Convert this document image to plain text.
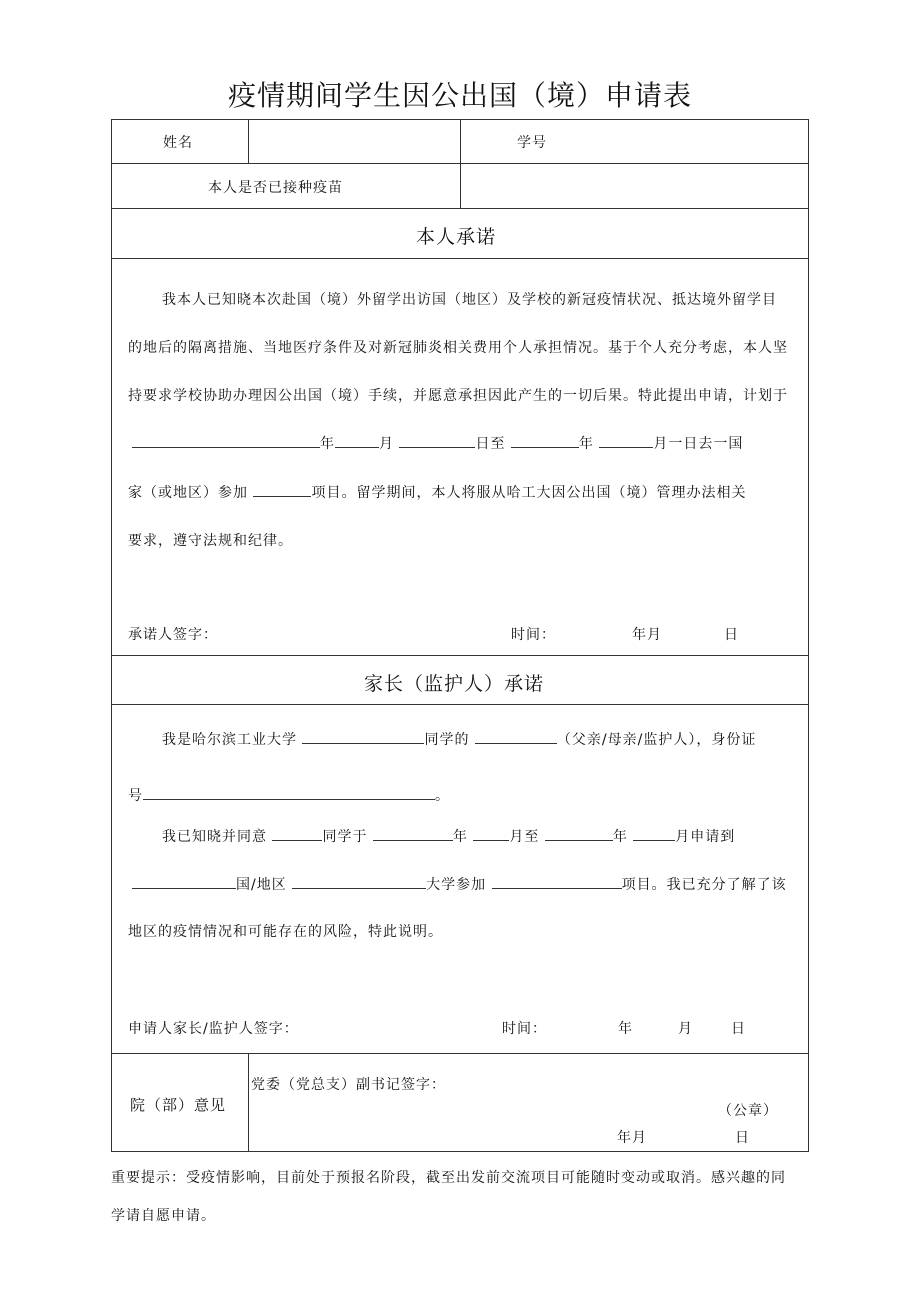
疫情期间学生因公出国（境）申请表
姓名	学号
本人是否已接种疫苗
本人承诺
我本人已知晓本次赴国（境）外留学出访国（地区）及学校的新冠疫情状况、抵达境外留学目
的地后的隔离措施、当地医疗条件及对新冠肺炎相关费用个人承担情况。基于个人充分考虑，本人坚
持要求学校协助办理因公出国（境）手续，并愿意承担因此产生的一切后果。特此提出申请，计划于
年	月	日至	年	月一日去一国
家（或地区）参加	项目。留学期间，本人将服从哈工大因公出国（境）管理办法相关
要求，遵守法规和纪律。
承诺人签字：	时间：	年月	日
家长（监护人）承诺
我是哈尔滨工业大学	同学的	（父亲/母亲/监护人），身份证
号	。
我已知晓并同意	同学于	年	月至	年	月申请到
国/地区	大学参加	项目。我已充分了解了该
地区的疫情情况和可能存在的风险，特此说明。
申请人家长/监护人签字：	时间：	年	月	日
院（部）意见
党委（党总支）副书记签字：
（公章）
年月	日
重要提示：受疫情影响，目前处于预报名阶段，截至出发前交流项目可能随时变动或取消。感兴趣的同
学请自愿申请。
